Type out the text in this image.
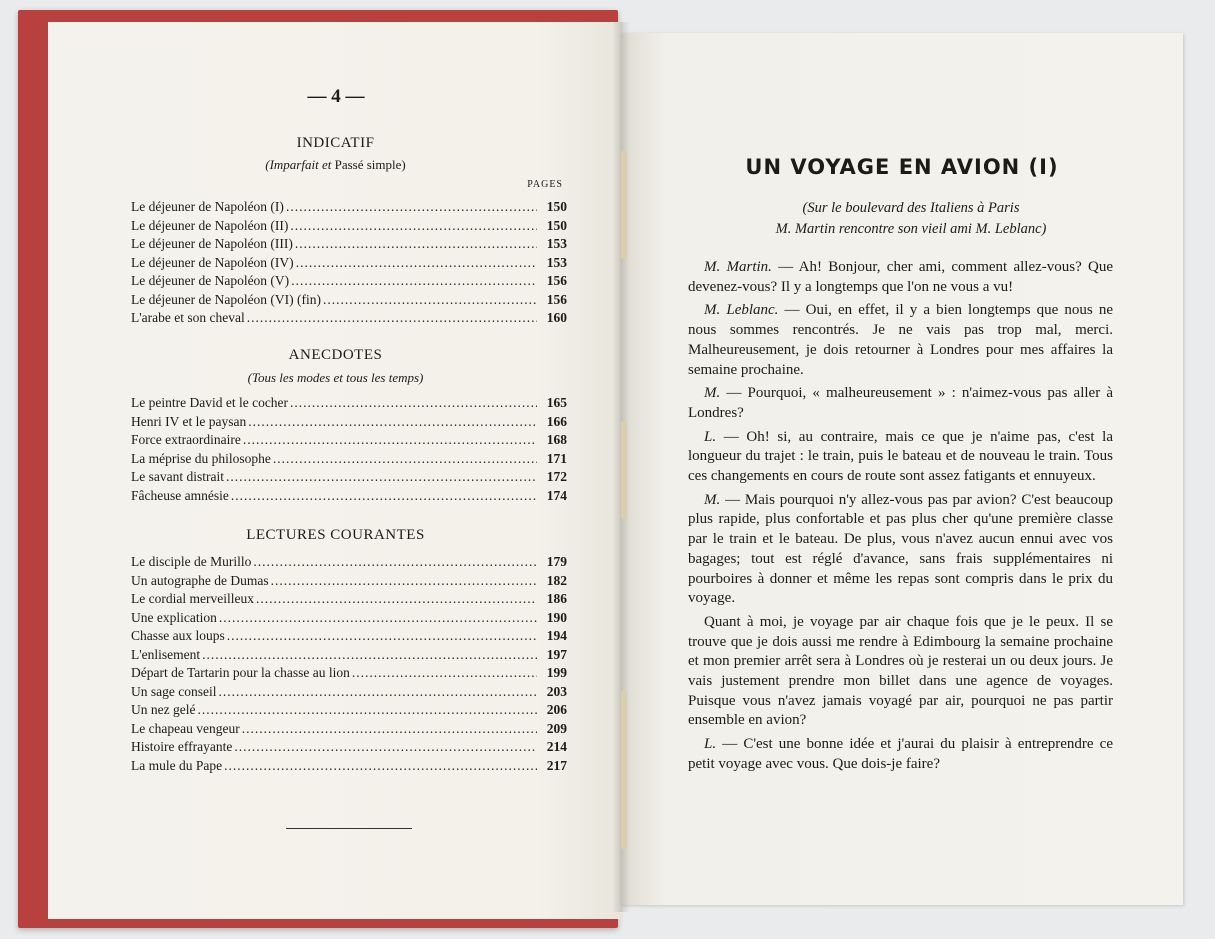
— 4 —
INDICATIF
(Imparfait et Passé simple)
PAGES
Le déjeuner de Napoléon (I) .....	150
Le déjeuner de Napoléon (II) .....	150
Le déjeuner de Napoléon (III) .....	153
Le déjeuner de Napoléon (IV) .....	153
Le déjeuner de Napoléon (V) .....	156
Le déjeuner de Napoléon (VI) (fin) .....	156
L'arabe et son cheval .....	160
ANECDOTES
(Tous les modes et tous les temps)
Le peintre David et le cocher .....	165
Henri IV et le paysan .....	166
Force extraordinaire .....	168
La méprise du philosophe .....	171
Le savant distrait .....	172
Fâcheuse amnésie .....	174
LECTURES COURANTES
Le disciple de Murillo .....	179
Un autographe de Dumas .....	182
Le cordial merveilleux .....	186
Une explication .....	190
Chasse aux loups .....	194
L'enlisement .....	197
Départ de Tartarin pour la chasse au lion .....	199
Un sage conseil .....	203
Un nez gelé .....	206
Le chapeau vengeur .....	209
Histoire effrayante .....	214
La mule du Pape .....	217
UN VOYAGE EN AVION (I)
(Sur le boulevard des Italiens à Paris
M. Martin rencontre son vieil ami M. Leblanc)

M. Martin. — Ah! Bonjour, cher ami, comment allez-vous? Que devenez-vous? Il y a longtemps que l'on ne vous a vu!

M. Leblanc. — Oui, en effet, il y a bien longtemps que nous ne nous sommes rencontrés. Je ne vais pas trop mal, merci. Malheureusement, je dois retourner à Londres pour mes affaires la semaine prochaine.

M. — Pourquoi, « malheureusement » : n'aimez-vous pas aller à Londres?

L. — Oh! si, au contraire, mais ce que je n'aime pas, c'est la longueur du trajet : le train, puis le bateau et de nouveau le train. Tous ces changements en cours de route sont assez fatigants et ennuyeux.

M. — Mais pourquoi n'y allez-vous pas par avion? C'est beaucoup plus rapide, plus confortable et pas plus cher qu'une première classe par le train et le bateau. De plus, vous n'avez aucun ennui avec vos bagages; tout est réglé d'avance, sans frais supplémentaires ni pourboires à donner et même les repas sont compris dans le prix du voyage.

Quant à moi, je voyage par air chaque fois que je le peux. Il se trouve que je dois aussi me rendre à Edimbourg la semaine prochaine et mon premier arrêt sera à Londres où je resterai un ou deux jours. Je vais justement prendre mon billet dans une agence de voyages. Puisque vous n'avez jamais voyagé par air, pourquoi ne pas partir ensemble en avion?

L. — C'est une bonne idée et j'aurai du plaisir à entreprendre ce petit voyage avec vous. Que dois-je faire?
